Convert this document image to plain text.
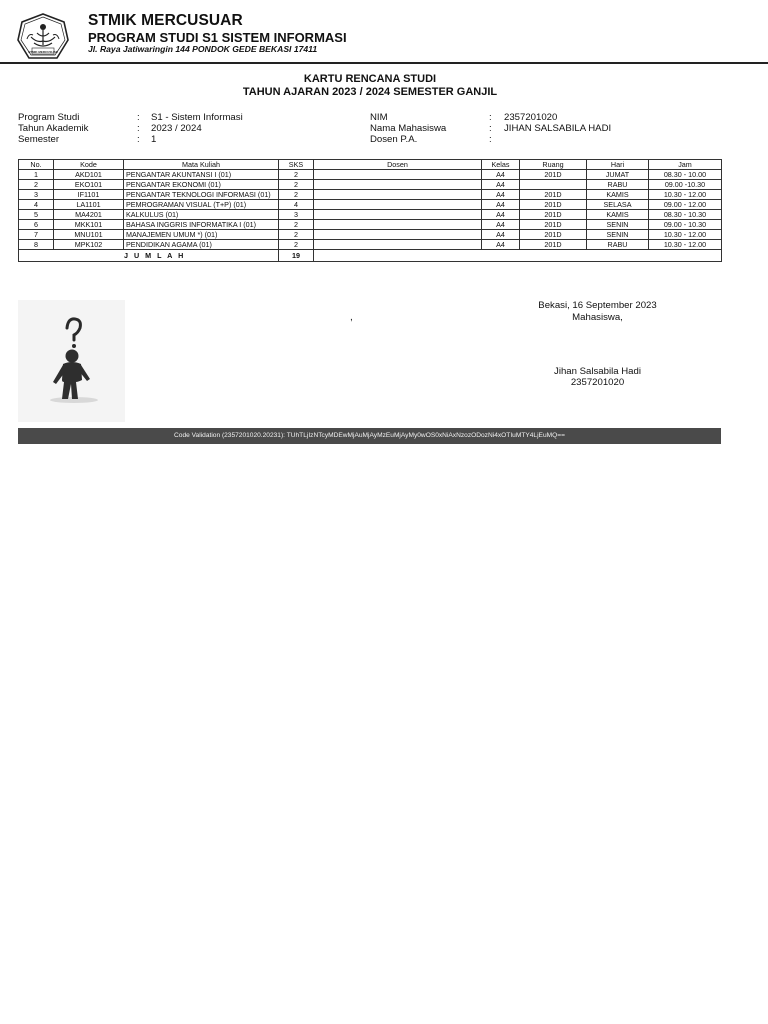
STMIK MERCUSUAR
STMIK MERCUSUAR
PROGRAM STUDI S1 SISTEM INFORMASI
Jl. Raya Jatiwaringin 144 PONDOK GEDE BEKASI 17411
KARTU RENCANA STUDI
TAHUN AJARAN 2023 / 2024 SEMESTER GANJIL
Program Studi	: S1 - Sistem Informasi
Tahun Akademik	: 2023 / 2024
Semester	: 1
NIM	: 2357201020
Nama Mahasiswa	: JIHAN SALSABILA HADI
Dosen P.A.	:
No.	Kode	Mata Kuliah	SKS	Dosen	Kelas	Ruang	Hari	Jam
1	AKD101	PENGANTAR AKUNTANSI I (01)	2		A4	201D	JUMAT	08.30 - 10.00
2	EKO101	PENGANTAR EKONOMI (01)	2		A4		RABU	09.00 -10.30
3	IF1101	PENGANTAR TEKNOLOGI INFORMASI (01)	2		A4	201D	KAMIS	10.30 - 12.00
4	LA1101	PEMROGRAMAN VISUAL (T+P) (01)	4		A4	201D	SELASA	09.00 - 12.00
5	MA4201	KALKULUS (01)	3		A4	201D	KAMIS	08.30 - 10.30
6	MKK101	BAHASA INGGRIS INFORMATIKA I (01)	2		A4	201D	SENIN	09.00 - 10.30
7	MNU101	MANAJEMEN UMUM *) (01)	2		A4	201D	SENIN	10.30 - 12.00
8	MPK102	PENDIDIKAN AGAMA (01)	2		A4	201D	RABU	10.30 - 12.00
J U M L A H			19					
,
Bekasi, 16 September 2023
Mahasiswa,
Jihan Salsabila Hadi
2357201020
Code Validation (2357201020.20231): TUhTLjIzNTcyMDEwMjAuMjAyMzEuMjAyMy0wOS0xNiAxNzozODozNi4xOTIuMTY4LjEuMQ==
